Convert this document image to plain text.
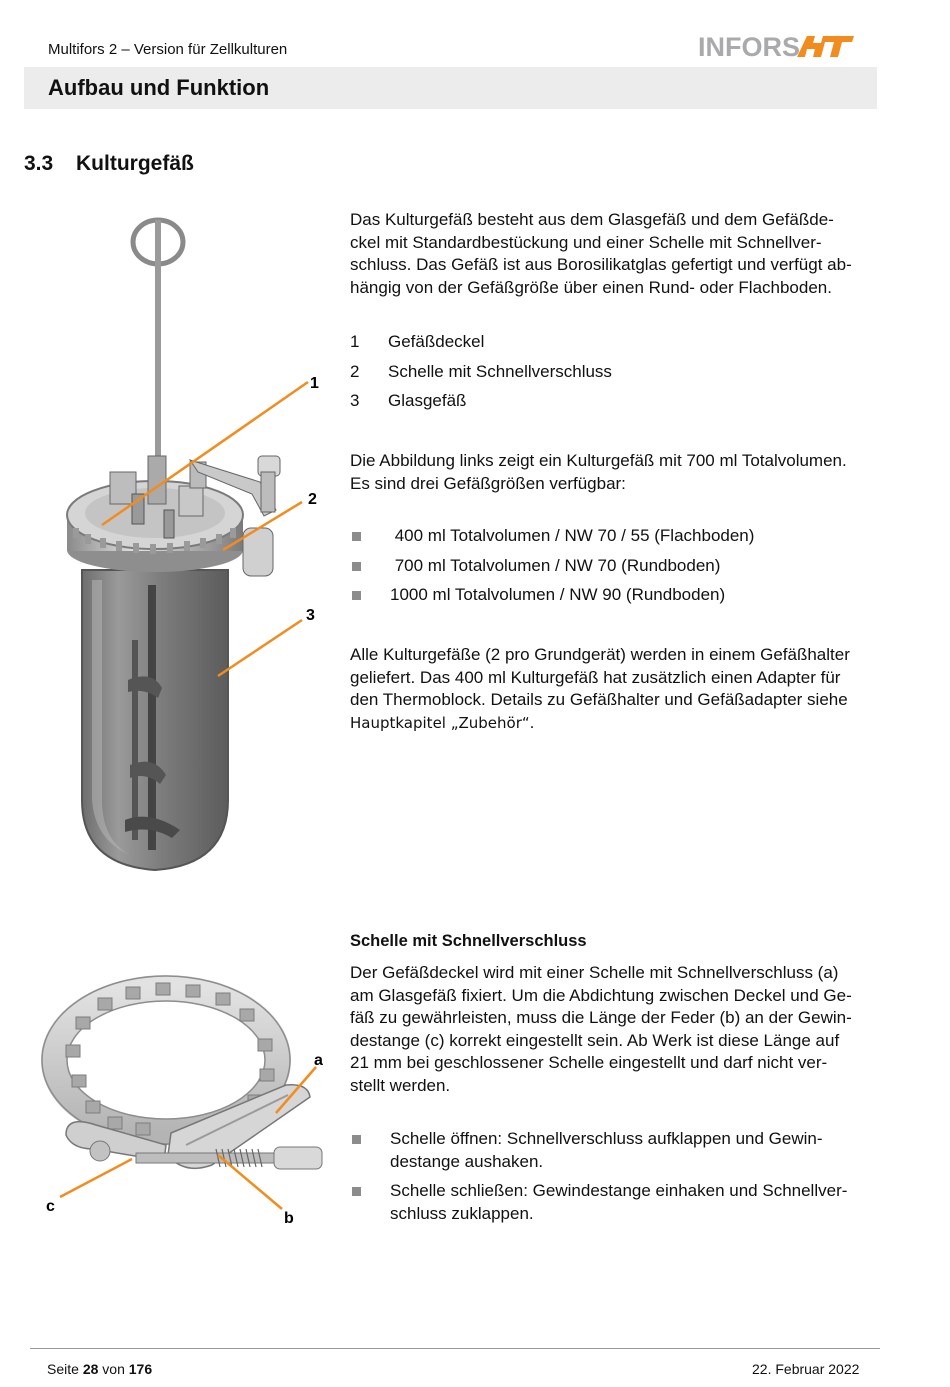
Multifors 2 – Version für Zellkulturen	INFORS
Aufbau und Funktion
3.3 Kulturgefäß
1
2
3
Das Kulturgefäß besteht aus dem Glasgefäß und dem Gefäßde-
ckel mit Standardbestückung und einer Schelle mit Schnellver-
schluss. Das Gefäß ist aus Borosilikatglas gefertigt und verfügt ab-
hängig von der Gefäßgröße über einen Rund- oder Flachboden.
1	Gefäßdeckel
2	Schelle mit Schnellverschluss
3	Glasgefäß
Die Abbildung links zeigt ein Kulturgefäß mit 700 ml Totalvolumen.
Es sind drei Gefäßgrößen verfügbar:
400 ml Totalvolumen / NW 70 / 55 (Flachboden)
700 ml Totalvolumen / NW 70 (Rundboden)
1000 ml Totalvolumen / NW 90 (Rundboden)
Alle Kulturgefäße (2 pro Grundgerät) werden in einem Gefäßhalter
geliefert. Das 400 ml Kulturgefäß hat zusätzlich einen Adapter für
den Thermoblock. Details zu Gefäßhalter und Gefäßadapter siehe
Hauptkapitel „Zubehör“.
a
b
c
Schelle mit Schnellverschluss
Der Gefäßdeckel wird mit einer Schelle mit Schnellverschluss (a)
am Glasgefäß fixiert. Um die Abdichtung zwischen Deckel und Ge-
fäß zu gewährleisten, muss die Länge der Feder (b) an der Gewin-
destange (c) korrekt eingestellt sein. Ab Werk ist diese Länge auf
21 mm bei geschlossener Schelle eingestellt und darf nicht ver-
stellt werden.
Schelle öffnen: Schnellverschluss aufklappen und Gewin-
destange aushaken.
Schelle schließen: Gewindestange einhaken und Schnellver-
schluss zuklappen.
Seite 28 von 176	22. Februar 2022
